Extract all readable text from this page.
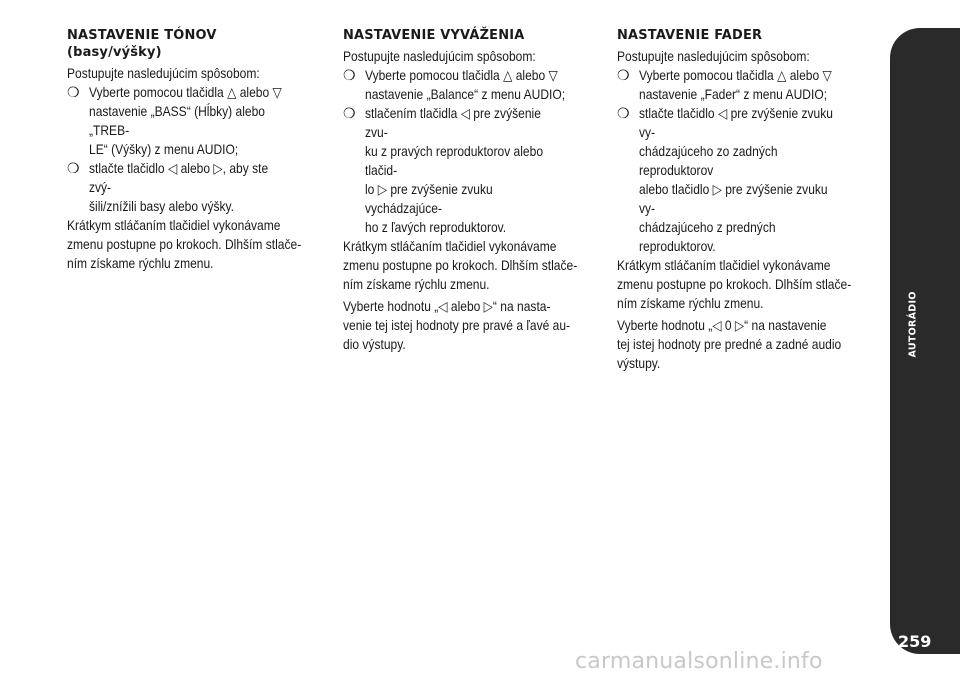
NASTAVENIE TÓNOV
(basy/výšky)
Postupujte nasledujúcim spôsobom:
❍ Vyberte pomocou tlačidla △ alebo ▽
nastavenie „BASS“ (Hĺbky) alebo „TREB-
LE“ (Výšky) z menu AUDIO;
❍ stlačte tlačidlo ◁ alebo ▷, aby ste zvý-
šili/znížili basy alebo výšky.
Krátkym stláčaním tlačidiel vykonávame
zmenu postupne po krokoch. Dlhším stlače-
ním získame rýchlu zmenu.
NASTAVENIE VYVÁŽENIA
Postupujte nasledujúcim spôsobom:
❍ Vyberte pomocou tlačidla △ alebo ▽
nastavenie „Balance“ z menu AUDIO;
❍ stlačením tlačidla ◁ pre zvýšenie zvu-
ku z pravých reproduktorov alebo tlačid-
lo ▷ pre zvýšenie zvuku vychádzajúce-
ho z ľavých reproduktorov.
Krátkym stláčaním tlačidiel vykonávame
zmenu postupne po krokoch. Dlhším stlače-
ním získame rýchlu zmenu.
Vyberte hodnotu „◁ alebo ▷“ na nasta-
venie tej istej hodnoty pre pravé a ľavé au-
dio výstupy.
NASTAVENIE FADER
Postupujte nasledujúcim spôsobom:
❍ Vyberte pomocou tlačidla △ alebo ▽
nastavenie „Fader“ z menu AUDIO;
❍ stlačte tlačidlo ◁ pre zvýšenie zvuku vy-
chádzajúceho zo zadných reproduktorov
alebo tlačidlo ▷ pre zvýšenie zvuku vy-
chádzajúceho z predných reproduktorov.
Krátkym stláčaním tlačidiel vykonávame
zmenu postupne po krokoch. Dlhším stlače-
ním získame rýchlu zmenu.
Vyberte hodnotu „◁ 0 ▷“ na nastavenie
tej istej hodnoty pre predné a zadné audio
výstupy.
AUTORÁDIO
259
carmanualsonline.info
